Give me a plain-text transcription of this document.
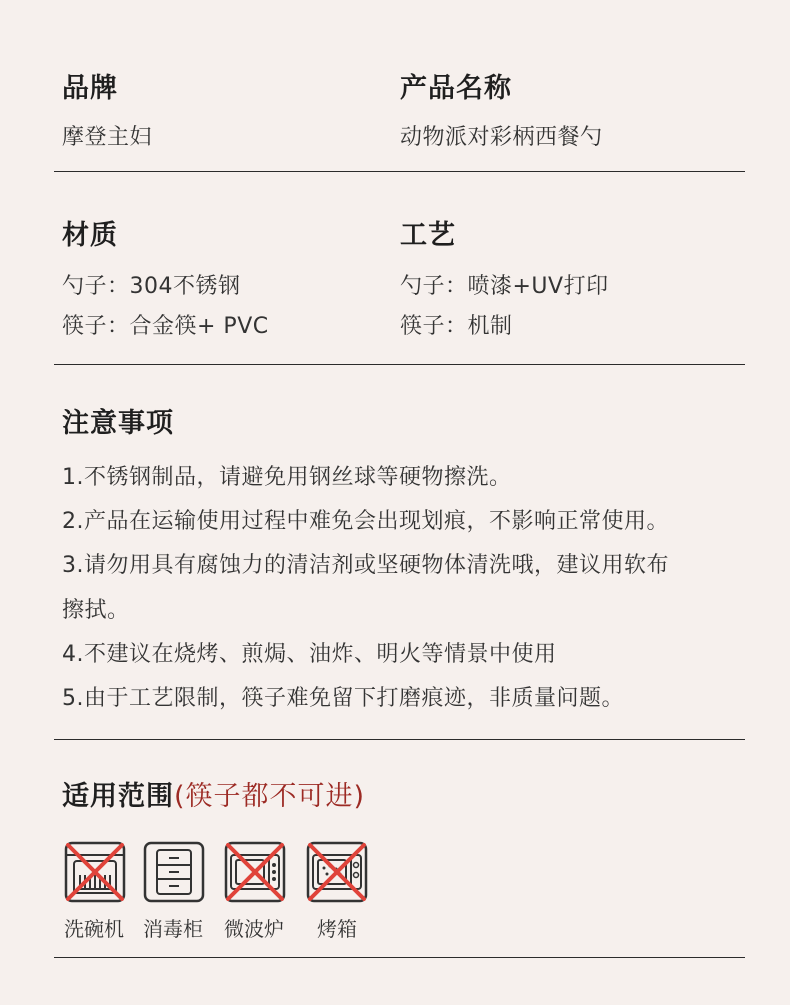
品牌
摩登主妇
产品名称
动物派对彩柄西餐勺
材质
勺子：304不锈钢
筷子：合金筷+ PVC
工艺
勺子：喷漆+UV打印
筷子：机制
注意事项
1.不锈钢制品，请避免用钢丝球等硬物擦洗。
2.产品在运输使用过程中难免会出现划痕，不影响正常使用。
3.请勿用具有腐蚀力的清洁剂或坚硬物体清洗哦，建议用软布
擦拭。
4.不建议在烧烤、煎焗、油炸、明火等情景中使用
5.由于工艺限制，筷子难免留下打磨痕迹，非质量问题。
适用范围(筷子都不可进)
洗碗机 消毒柜 微波炉 烤箱
